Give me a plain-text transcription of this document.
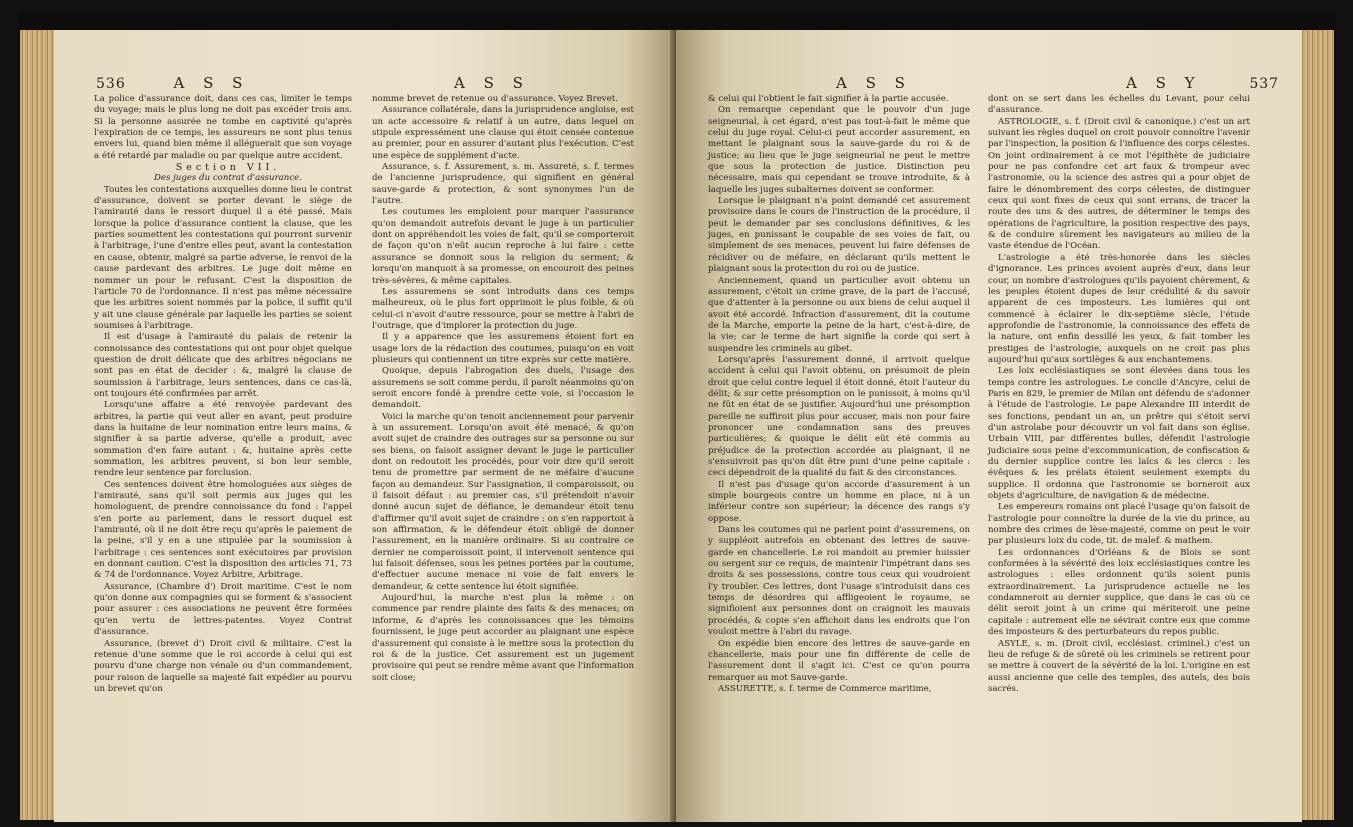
536	A S S	A S S

La police d'assurance doit, dans ces cas, limiter le temps du voyage; mais le plus long ne doit pas excéder trois ans. Si la personne assurée ne tombe en captivité qu'après l'expiration de ce temps, les assureurs ne sont plus tenus envers lui, quand bien même il alléguerait que son voyage a été retardé par maladie ou par quelque autre accident.

Section VII.

Des juges du contrat d'assurance.

Toutes les contestations auxquelles donne lieu le contrat d'assurance, doivent se porter devant le siège de l'amirauté dans le ressort duquel il a été passé. Mais lorsque la police d'assurance contient la clause, que les parties soumettent les contestations qui pourront survenir à l'arbitrage, l'une d'entre elles peut, avant la contestation en cause, obtenir, malgré sa partie adverse, le renvoi de la cause pardevant des arbitres. Le juge doit même en nommer un pour le refusant. C'est la disposition de l'article 70 de l'ordonnance. Il n'est pas même nécessaire que les arbitres soient nommés par la police, il suffit qu'il y ait une clause générale par laquelle les parties se soient soumises à l'arbitrage.

Il est d'usage à l'amirauté du palais de retenir la connoissance des contestations qui ont pour objet quelque question de droit délicate que des arbitres négocians ne sont pas en état de decider : &, malgré la clause de soumission à l'arbitrage, leurs sentences, dans ce cas-là, ont toujours été confirmées par arrêt.

Lorsqu'une affaire a été renvoyée pardevant des arbitres, la partie qui veut aller en avant, peut produire dans la huitaine de leur nomination entre leurs mains, & signifier à sa partie adverse, qu'elle a produit, avec sommation d'en faire autant : &, huitaine après cette sommation, les arbitres peuvent, si bon leur semble, rendre leur sentence par forclusion.

Ces sentences doivent être homologuées aux sièges de l'amirauté, sans qu'il soit permis aux juges qui les homologuent, de prendre connoissance du fond : l'appel s'en porte au parlement, dans le ressort duquel est l'amirauté, où il ne doit être reçu qu'après le paiement de la peine, s'il y en a une stipulée par la soumission à l'arbitrage : ces sentences sont exécutoires par provision en donnant caution. C'est la disposition des articles 71, 73 & 74 de l'ordonnance. Voyez Arbitre, Arbitrage.

Assurance, (Chambre d') Droit maritime. C'est le nom qu'on donne aux compagnies qui se forment & s'associent pour assurer : ces associations ne peuvent être formées qu'en vertu de lettres-patentes. Voyez Contrat d'assurance.

Assurance, (brevet d') Droit civil & militaire. C'est la retenue d'une somme que le roi accorde à celui qui est pourvu d'une charge non vénale ou d'un commandement, pour raison de laquelle sa majesté fait expédier au pourvu un brevet qu'on

nomme brevet de retenue ou d'assurance. Voyez Brevet.

Assurance collatérale, dans la jurisprudence angloise, est un acte accessoire & relatif à un autre, dans lequel on stipule expressément une clause qui étoit censée contenue au premier, pour en assurer d'autant plus l'exécution. C'est une espèce de supplément d'acte.

Assurance, s. f. Assurement, s. m. Assureté, s. f. termes de l'ancienne jurisprudence, qui signifient en général sauve-garde & protection, & sont synonymes l'un de l'autre.

Les coutumes les emploient pour marquer l'assurance qu'on demandoit autrefois devant le juge à un particulier dont on appréhendoit les voies de fait, qu'il se comporteroit de façon qu'on n'eût aucun reproche à lui faire : cette assurance se donnoit sous la religion du serment; & lorsqu'on manquoit à sa promesse, on encouroit des peines très-sévères, & même capitales.

Les assuremens se sont introduits dans ces temps malheureux, où le plus fort opprimoit le plus foible, & où celui-ci n'avoit d'autre ressource, pour se mettre à l'abri de l'outrage, que d'implorer la protection du juge.

Il y a apparence que les assuremens étoient fort en usage lors de la rédaction des coutumes, puisqu'on en voit plusieurs qui contiennent un titre exprès sur cette matière.

Quoique, depuis l'abrogation des duels, l'usage des assuremens se soit comme perdu, il paroît néanmoins qu'on seroit encore fondé à prendre cette voie, si l'occasion le demandoit.

Voici la marche qu'on tenoit anciennement pour parvenir à un assurement. Lorsqu'on avoit été menacé, & qu'on avoit sujet de craindre des outrages sur sa personne ou sur ses biens, on faisoit assigner devant le juge le particulier dont on redoutoit les procédés, pour voir dire qu'il seroit tenu de promettre par serment de ne méfaire d'aucune façon au demandeur. Sur l'assignation, il comparoissoit, ou il faisoit défaut : au premier cas, s'il prétendoit n'avoir donné aucun sujet de défiance, le demandeur étoit tenu d'affirmer qu'il avoit sujet de craindre : on s'en rapportoit à son affirmation, & le défendeur étoit obligé de donner l'assurement, en la manière ordinaire. Si au contraire ce dernier ne comparoissoit point, il intervenoit sentence qui lui faisoit défenses, sous les peines portées par la coutume, d'effectuer aucune menace ni voie de fait envers le demandeur, & cette sentence lui étoit signifiée.

Aujourd'hui, la marche n'est plus la même : on commence par rendre plainte des faits & des menaces; on informe, & d'après les connoissances que les témoins fournissent, le juge peut accorder au plaignant une espèce d'assurement qui consiste à le mettre sous la protection du roi & de la justice. Cet assurement est un jugement provisoire qui peut se rendre même avant que l'information soit close;

A S S	A S Y	537

& celui qui l'obtient le fait signifier à la partie accusée.

On remarque cependant que le pouvoir d'un juge seigneurial, à cet égard, n'est pas tout-à-fait le même que celui du juge royal. Celui-ci peut accorder assurement, en mettant le plaignant sous la sauve-garde du roi & de justice; au lieu que le juge seigneurial ne peut le mettre que sous la protection de justice. Distinction peu nécessaire, mais qui cependant se trouve introduite, & à laquelle les juges subalternes doivent se conformer.

Lorsque le plaignant n'a point demandé cet assurement provisoire dans le cours de l'instruction de la procédure, il peut le demander par ses conclusions définitives, & les juges, en punissant le coupable de ses voies de fait, ou simplement de ses menaces, peuvent lui faire défenses de récidiver ou de méfaire, en déclarant qu'ils mettent le plaignant sous la protection du roi ou de justice.

Anciennement, quand un particulier avoit obtenu un assurement, c'étoit un crime grave, de la part de l'accusé, que d'attenter à la personne ou aux biens de celui auquel il avoit été accordé. Infraction d'assurement, dit la coutume de la Marche, emporte la peine de la hart, c'est-à-dire, de la vie; car le terme de hart signifie la corde qui sert à suspendre les criminels au gibet.

Lorsqu'après l'assurement donné, il arrivoit quelque accident à celui qui l'avoit obtenu, on présumoit de plein droit que celui contre lequel il étoit donné, étoit l'auteur du délit; & sur cette présomption on le punissoit, à moins qu'il ne fût en état de se justifier. Aujourd'hui une présomption pareille ne suffiroit plus pour accuser, mais non pour faire prononcer une condamnation sans des preuves particulières; & quoique le délit eût été commis au préjudice de la protection accordée au plaignant, il ne s'ensuivroit pas qu'on dût être puni d'une peine capitale : ceci dépendroit de la qualité du fait & des circonstances.

Il n'est pas d'usage qu'on accorde d'assurement à un simple bourgeois contre un homme en place, ni à un inférieur contre son supérieur; la décence des rangs s'y oppose.

Dans les coutumes qui ne parlent point d'assuremens, on y suppléoit autrefois en obtenant des lettres de sauve-garde en chancellerie. Le roi mandoit au premier huissier ou sergent sur ce requis, de maintenir l'impétrant dans ses droits & ses possessions, contre tous ceux qui voudroient l'y troubler. Ces lettres, dont l'usage s'introduisit dans ces temps de désordres qui affligeoient le royaume, se signifioient aux personnes dont on craignoit les mauvais procédés, & copie s'en affichoit dans les endroits que l'on vouloit mettre à l'abri du ravage.

On expédie bien encore des lettres de sauve-garde en chancellerie, mais pour une fin différente de celle de l'assurement dont il s'agit ici. C'est ce qu'on pourra remarquer au mot Sauve-garde.

ASSURETTE, s. f. terme de Commerce maritime,

dont on se sert dans les échelles du Levant, pour celui d'assurance.

ASTROLOGIE, s. f. (Droit civil & canonique.) c'est un art suivant les règles duquel on croit pouvoir connoître l'avenir par l'inspection, la position & l'influence des corps célestes. On joint ordinairement à ce mot l'épithète de judiciaire pour ne pas confondre cet art faux & trompeur avec l'astronomie, ou la science des astres qui a pour objet de faire le dénombrement des corps célestes, de distinguer ceux qui sont fixes de ceux qui sont errans, de tracer la route des uns & des autres, de déterminer le temps des opérations de l'agriculture, la position respective des pays, & de conduire sûrement les navigateurs au milieu de la vaste étendue de l'Océan.

L'astrologie a été très-honorée dans les siècles d'ignorance. Les princes avoient auprès d'eux, dans leur cour, un nombre d'astrologues qu'ils payoient chèrement, & les peuples étoient dupes de leur crédulité & du savoir apparent de ces imposteurs. Les lumières qui ont commencé à éclairer le dix-septième siècle, l'étude approfondie de l'astronomie, la connoissance des effets de la nature, ont enfin dessillé les yeux, & fait tomber les prestiges de l'astrologie, auxquels on ne croit pas plus aujourd'hui qu'aux sortilèges & aux enchantemens.

Les loix ecclésiastiques se sont élevées dans tous les temps contre les astrologues. Le concile d'Ancyre, celui de Paris en 829, le premier de Milan ont défendu de s'adonner à l'étude de l'astrologie. Le pape Alexandre III interdit de ses fonctions, pendant un an, un prêtre qui s'étoit servi d'un astrolabe pour découvrir un vol fait dans son église. Urbain VIII, par différentes bulles, défendit l'astrologie judiciaire sous peine d'excommunication, de confiscation & du dernier supplice contre les laïcs & les clercs : les évêques & les prélats étoient seulement exempts du supplice. Il ordonna que l'astronomie se borneroit aux objets d'agriculture, de navigation & de médecine.

Les empereurs romains ont placé l'usage qu'on faisoit de l'astrologie pour connoître la durée de la vie du prince, au nombre des crimes de lèse-majesté, comme on peut le voir par plusieurs loix du code, tit. de malef. & mathem.

Les ordonnances d'Orléans & de Blois se sont conformées à la sévérité des loix ecclésiastiques contre les astrologues : elles ordonnent qu'ils soient punis extraordinairement. La jurisprudence actuelle ne les condamneroit au dernier supplice, que dans le cas où ce délit seroit joint à un crime qui mériteroit une peine capitale : autrement elle ne sévirait contre eux que comme des imposteurs & des perturbateurs du repos public.

ASYLE, s. m. (Droit civil, ecclésiast. criminel.) c'est un lieu de refuge & de sûreté où les criminels se retirent pour se mettre à couvert de la sévérité de la loi. L'origine en est aussi ancienne que celle des temples, des autels, des bois sacrés.
